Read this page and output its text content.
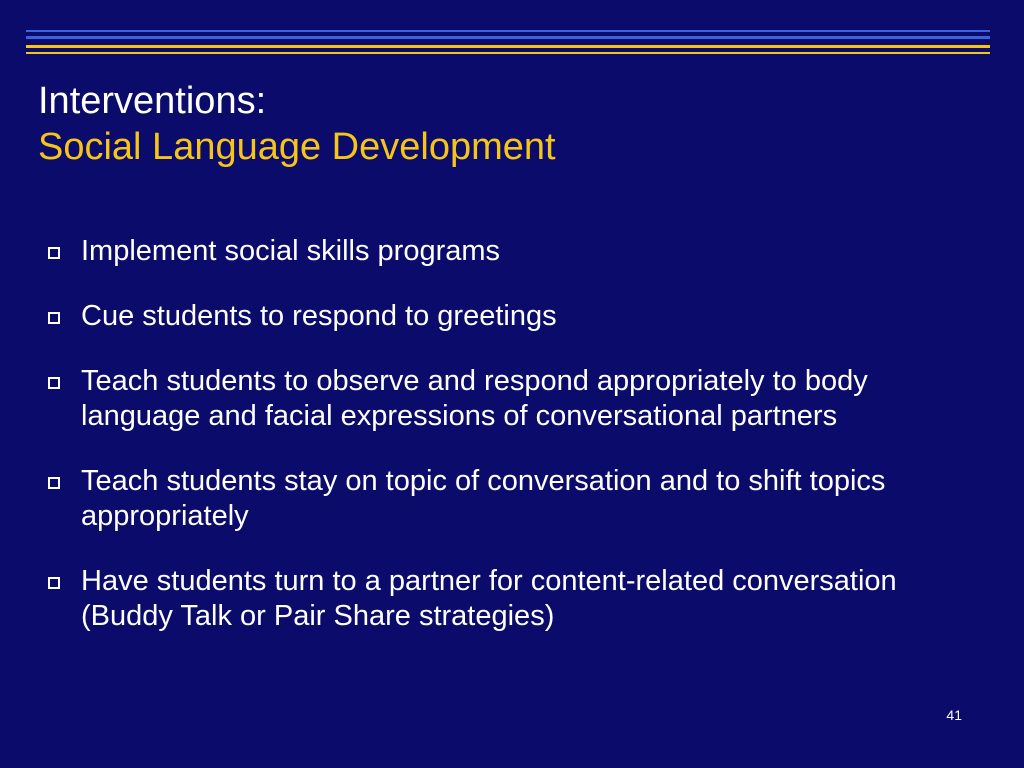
Interventions:
Social Language Development
Implement social skills programs
Cue students to respond to greetings
Teach students to observe and respond appropriately to body language and facial expressions of conversational partners
Teach students stay on topic of conversation and to shift topics appropriately
Have students turn to a partner for content-related conversation (Buddy Talk or Pair Share strategies)
41
